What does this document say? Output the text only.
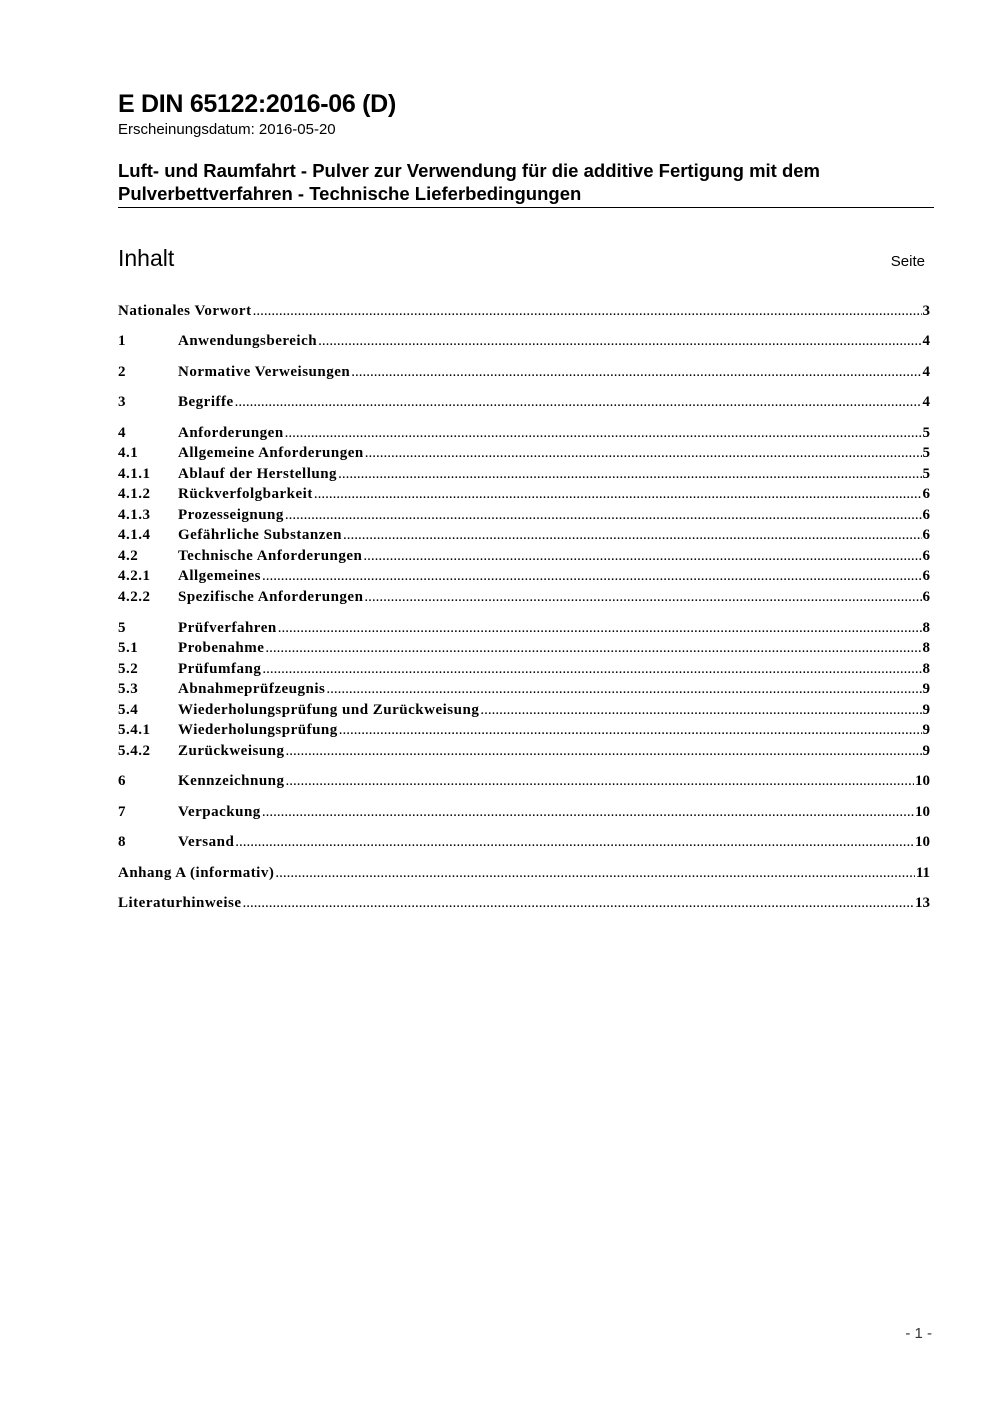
E DIN 65122:2016-06 (D)
Erscheinungsdatum: 2016-05-20
Luft- und Raumfahrt - Pulver zur Verwendung für die additive Fertigung mit dem Pulverbettverfahren - Technische Lieferbedingungen
Inhalt	Seite
Nationales Vorwort .....	3
1	Anwendungsbereich .....	4
2	Normative Verweisungen .....	4
3	Begriffe .....	4
4	Anforderungen .....	5
4.1	Allgemeine Anforderungen .....	5
4.1.1	Ablauf der Herstellung .....	5
4.1.2	Rückverfolgbarkeit .....	6
4.1.3	Prozesseignung .....	6
4.1.4	Gefährliche Substanzen .....	6
4.2	Technische Anforderungen .....	6
4.2.1	Allgemeines .....	6
4.2.2	Spezifische Anforderungen .....	6
5	Prüfverfahren .....	8
5.1	Probenahme .....	8
5.2	Prüfumfang .....	8
5.3	Abnahmeprüfzeugnis .....	9
5.4	Wiederholungsprüfung und Zurückweisung .....	9
5.4.1	Wiederholungsprüfung .....	9
5.4.2	Zurückweisung .....	9
6	Kennzeichnung .....	10
7	Verpackung .....	10
8	Versand .....	10
Anhang A (informativ) .....	11
Literaturhinweise .....	13
- 1 -
